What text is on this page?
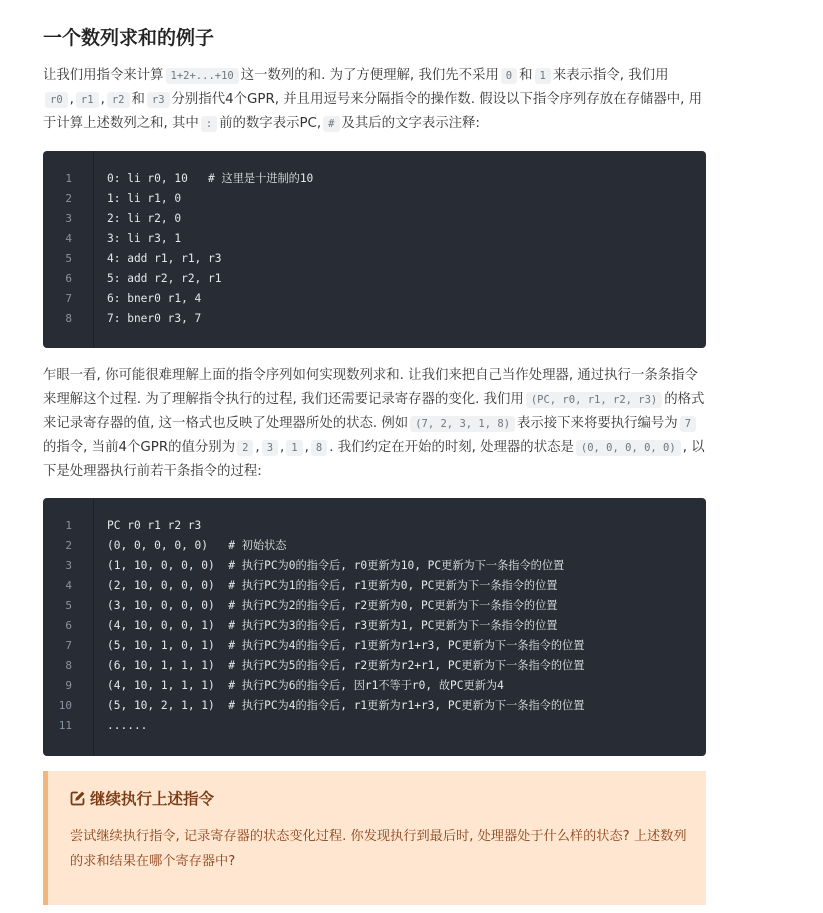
一个数列求和的例子

让我们用指令来计算 1+2+...+10 这一数列的和. 为了方便理解, 我们先不采用 0 和 1 来表示指令, 我们用r0 , r1 , r2 和 r3 分别指代4个GPR, 并且用逗号来分隔指令的操作数. 假设以下指令序列存放在存储器中, 用于计算上述数列之和, 其中 : 前的数字表示PC, # 及其后的文字表示注释:

1	0: li r0, 10   # 这里是十进制的10
2	1: li r1, 0
3	2: li r2, 0
4	3: li r3, 1
5	4: add r1, r1, r3
6	5: add r2, r2, r1
7	6: bner0 r1, 4
8	7: bner0 r3, 7

乍眼一看, 你可能很难理解上面的指令序列如何实现数列求和. 让我们来把自己当作处理器, 通过执行一条条指令来理解这个过程. 为了理解指令执行的过程, 我们还需要记录寄存器的变化. 我们用 (PC, r0, r1, r2, r3) 的格式来记录寄存器的值, 这一格式也反映了处理器所处的状态. 例如 (7, 2, 3, 1, 8) 表示接下来将要执行编号为 7的指令, 当前4个GPR的值分别为 2 , 3 , 1 , 8 . 我们约定在开始的时刻, 处理器的状态是 (0, 0, 0, 0, 0) , 以下是处理器执行前若干条指令的过程:

1	PC r0 r1 r2 r3
2	(0, 0, 0, 0, 0)   # 初始状态
3	(1, 10, 0, 0, 0)  # 执行PC为0的指令后, r0更新为10, PC更新为下一条指令的位置
4	(2, 10, 0, 0, 0)  # 执行PC为1的指令后, r1更新为0, PC更新为下一条指令的位置
5	(3, 10, 0, 0, 0)  # 执行PC为2的指令后, r2更新为0, PC更新为下一条指令的位置
6	(4, 10, 0, 0, 1)  # 执行PC为3的指令后, r3更新为1, PC更新为下一条指令的位置
7	(5, 10, 1, 0, 1)  # 执行PC为4的指令后, r1更新为r1+r3, PC更新为下一条指令的位置
8	(6, 10, 1, 1, 1)  # 执行PC为5的指令后, r2更新为r2+r1, PC更新为下一条指令的位置
9	(4, 10, 1, 1, 1)  # 执行PC为6的指令后, 因r1不等于r0, 故PC更新为4
10	(5, 10, 2, 1, 1)  # 执行PC为4的指令后, r1更新为r1+r3, PC更新为下一条指令的位置
11	......
继续执行上述指令

尝试继续执行指令, 记录寄存器的状态变化过程. 你发现执行到最后时, 处理器处于什么样的状态? 上述数列的求和结果在哪个寄存器中?
